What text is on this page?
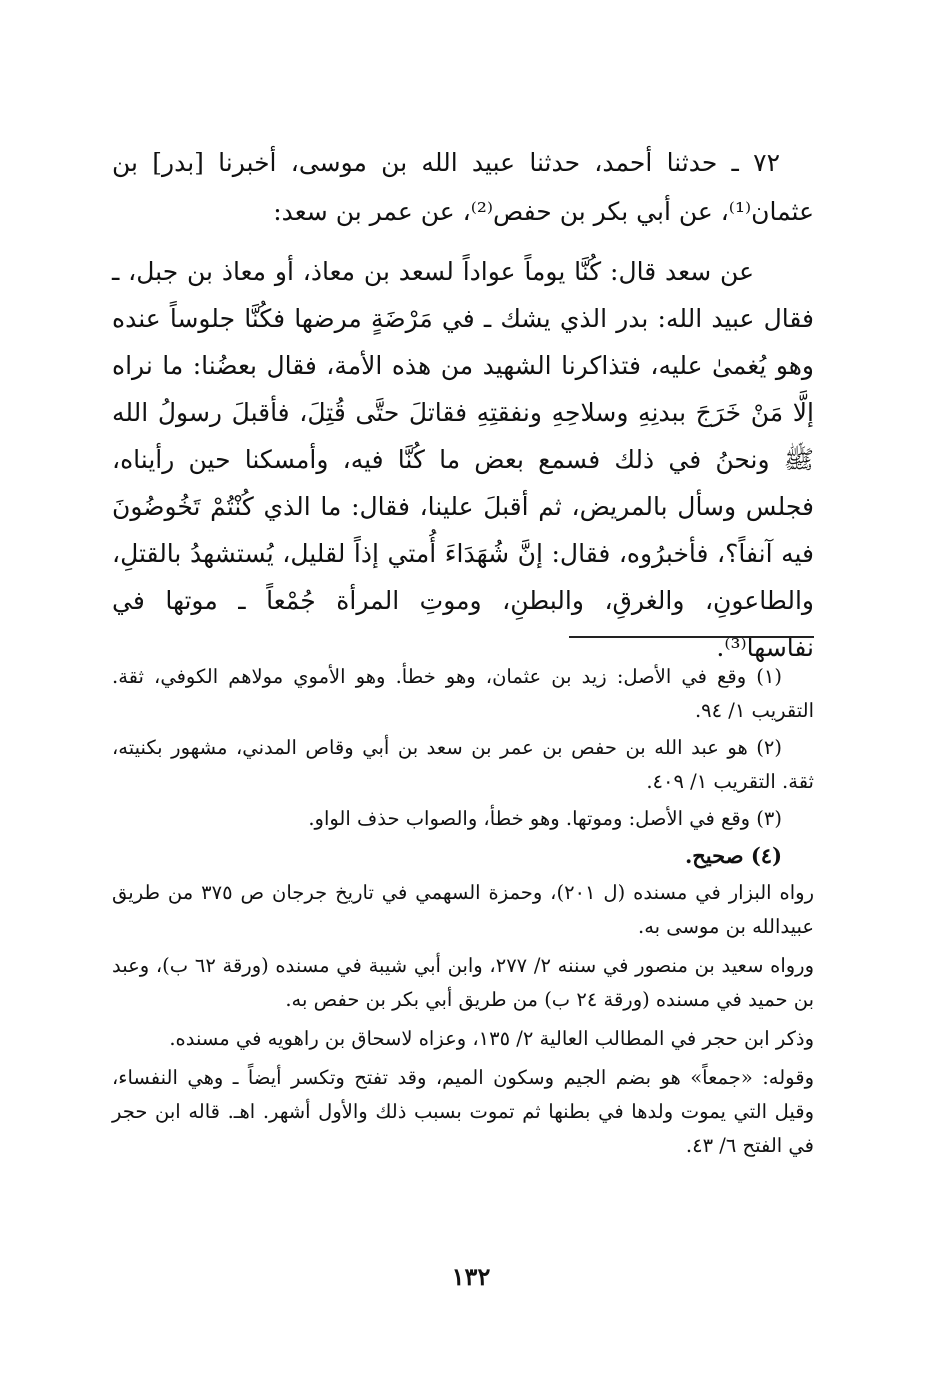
٧٢ ـ حدثنا أحمد، حدثنا عبيد الله بن موسى، أخبرنا [بدر] بن عثمان⁽¹⁾، عن أبي بكر بن حفص⁽²⁾، عن عمر بن سعد:

عن سعد قال: كُنَّا يوماً عواداً لسعد بن معاذ، أو معاذ بن جبل، ـ فقال عبيد الله: بدر الذي يشك ـ في مَرْضَةٍ مرضها فكُنَّا جلوساً عنده وهو يُغمىٰ عليه، فتذاكرنا الشهيد من هذه الأمة، فقال بعضُنا: ما نراه إلَّا مَنْ خَرَجَ ببدنِهِ وسلاحِهِ ونفقتِهِ فقاتلَ حتَّى قُتِلَ، فأقبلَ رسولُ الله ﷺ ونحنُ في ذلك فسمع بعض ما كُنَّا فيه، وأمسكنا حين رأيناه، فجلس وسأل بالمريض، ثم أقبلَ علينا، فقال: ما الذي كُنْتُمْ تَخُوضُونَ فيه آنفاً؟، فأخبرُوه، فقال: إنَّ شُهَدَاءَ أُمتي إذاً لقليل، يُستشهدُ بالقتلِ، والطاعونِ، والغرقِ، والبطنِ، وموتِ المرأة جُمْعاً ـ موتها في نفاسها⁽³⁾.

(١) وقع في الأصل: زيد بن عثمان، وهو خطأ. وهو الأموي مولاهم الكوفي، ثقة. التقريب ١/ ٩٤.

(٢) هو عبد الله بن حفص بن عمر بن سعد بن أبي وقاص المدني، مشهور بكنيته، ثقة. التقريب ١/ ٤٠٩.

(٣) وقع في الأصل: وموتها. وهو خطأ، والصواب حذف الواو.

(٤) صحيح.

رواه البزار في مسنده (ل ٢٠١)، وحمزة السهمي في تاريخ جرجان ص ٣٧٥ من طريق عبيدالله بن موسى به.

ورواه سعيد بن منصور في سننه ٢/ ٢٧٧، وابن أبي شيبة في مسنده (ورقة ٦٢ ب)، وعبد بن حميد في مسنده (ورقة ٢٤ ب) من طريق أبي بكر بن حفص به.

وذكر ابن حجر في المطالب العالية ٢/ ١٣٥، وعزاه لاسحاق بن راهويه في مسنده.

وقوله: «جمعاً» هو بضم الجيم وسكون الميم، وقد تفتح وتكسر أيضاً ـ وهي النفساء، وقيل التي يموت ولدها في بطنها ثم تموت بسبب ذلك والأول أشهر. اهـ. قاله ابن حجر في الفتح ٦/ ٤٣.

١٣٢
